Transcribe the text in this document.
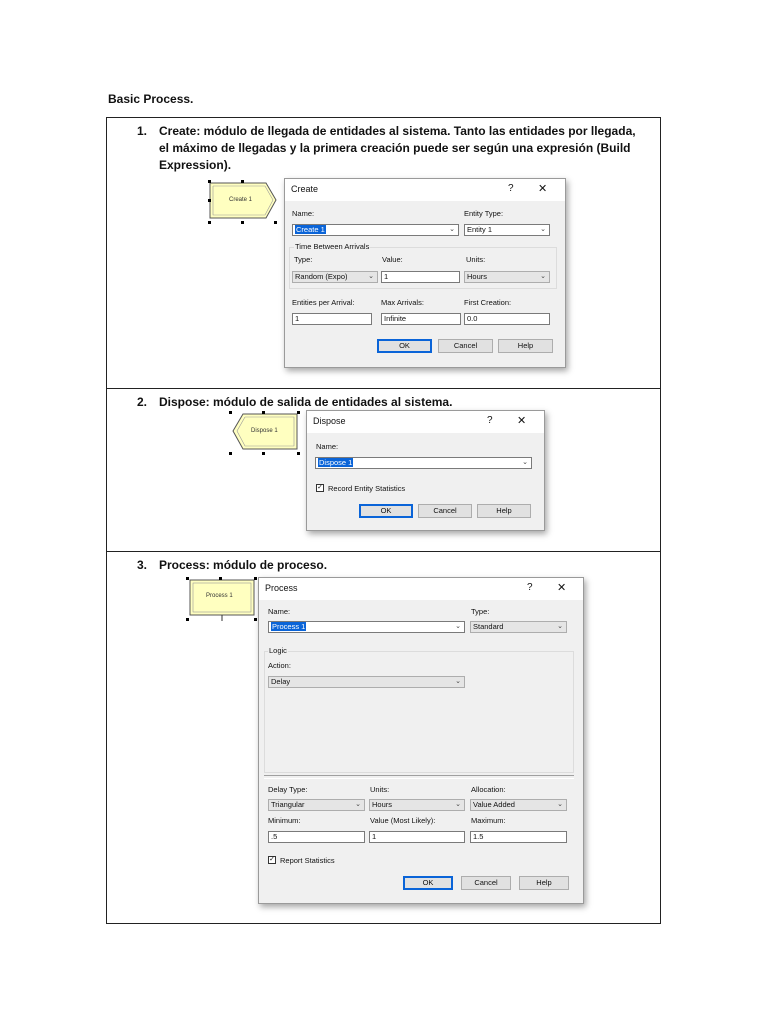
Basic Process.
1. Create: módulo de llegada de entidades al sistema. Tanto las entidades por llegada, el máximo de llegadas y la primera creación puede ser según una expresión (Build Expression).
Create 1
Create	? ✕
Name:
Create 1	⌄
Entity Type:
Entity 1	⌄
Time Between Arrivals
Type:
Random (Expo)	⌄
Value:
1
Units:
Hours	⌄
Entities per Arrival:
1
Max Arrivals:
Infinite
First Creation:
0.0
OK	Cancel	Help
2. Dispose: módulo de salida de entidades al sistema.
Dispose 1
Dispose	? ✕
Name:
Dispose 1	⌄
✓ Record Entity Statistics
OK	Cancel	Help
3. Process: módulo de proceso.
Process 1
Process	? ✕
Name:
Process 1	⌄
Type:
Standard	⌄
Logic
Action:
Delay	⌄
Delay Type:
Triangular	⌄
Units:
Hours	⌄
Allocation:
Value Added	⌄
Minimum:
.5
Value (Most Likely):
1
Maximum:
1.5
✓ Report Statistics
OK	Cancel	Help
